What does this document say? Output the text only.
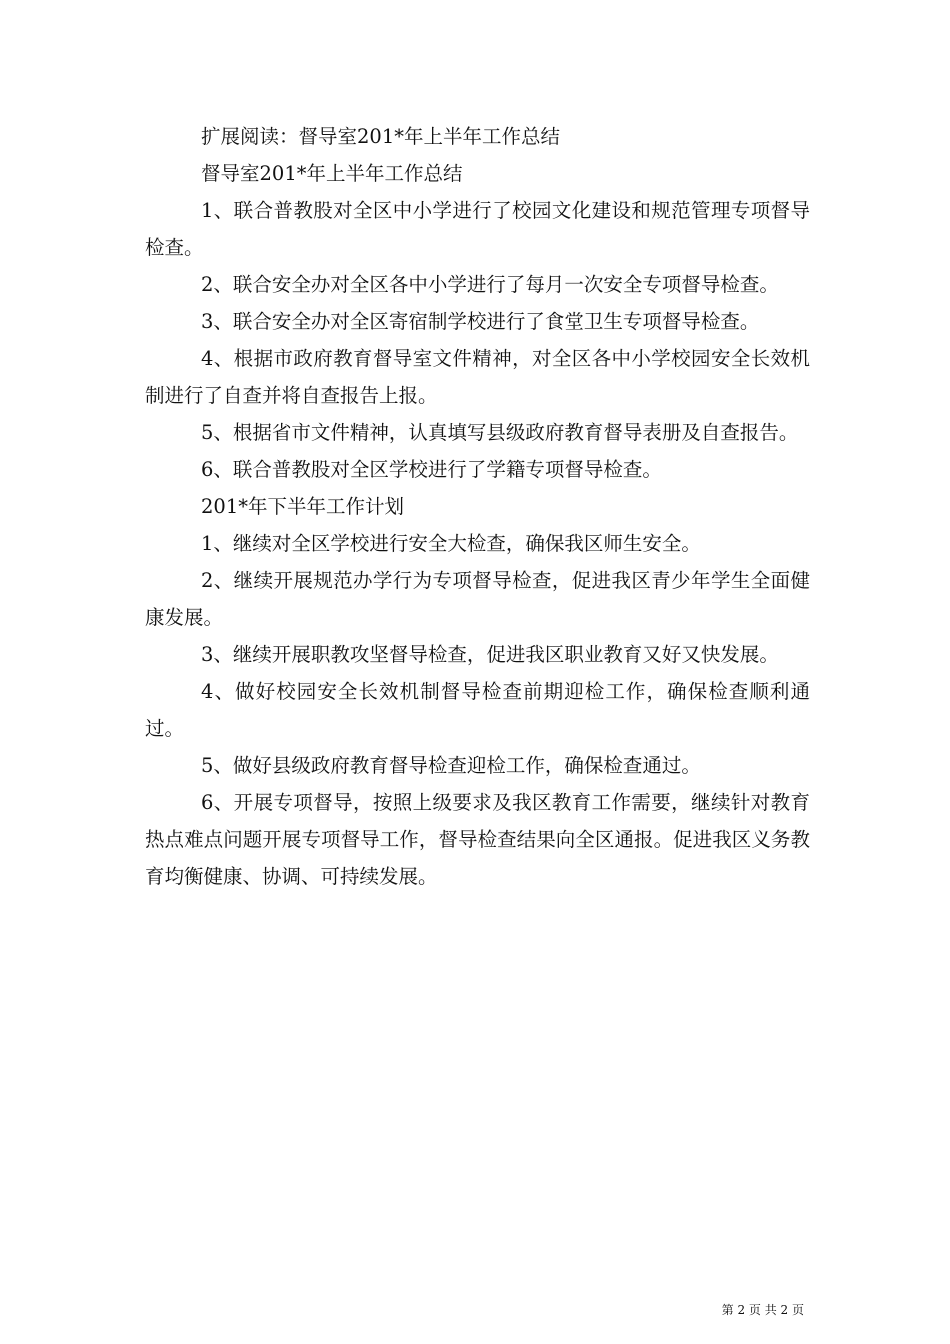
扩展阅读：督导室201*年上半年工作总结

督导室201*年上半年工作总结

1、联合普教股对全区中小学进行了校园文化建设和规范管理专项督导检查。

2、联合安全办对全区各中小学进行了每月一次安全专项督导检查。

3、联合安全办对全区寄宿制学校进行了食堂卫生专项督导检查。

4、根据市政府教育督导室文件精神，对全区各中小学校园安全长效机制进行了自查并将自查报告上报。

5、根据省市文件精神，认真填写县级政府教育督导表册及自查报告。

6、联合普教股对全区学校进行了学籍专项督导检查。

201*年下半年工作计划

1、继续对全区学校进行安全大检查，确保我区师生安全。

2、继续开展规范办学行为专项督导检查，促进我区青少年学生全面健康发展。

3、继续开展职教攻坚督导检查，促进我区职业教育又好又快发展。

4、做好校园安全长效机制督导检查前期迎检工作，确保检查顺利通过。

5、做好县级政府教育督导检查迎检工作，确保检查通过。

6、开展专项督导，按照上级要求及我区教育工作需要，继续针对教育热点难点问题开展专项督导工作，督导检查结果向全区通报。促进我区义务教育均衡健康、协调、可持续发展。

第 2 页 共 2 页
